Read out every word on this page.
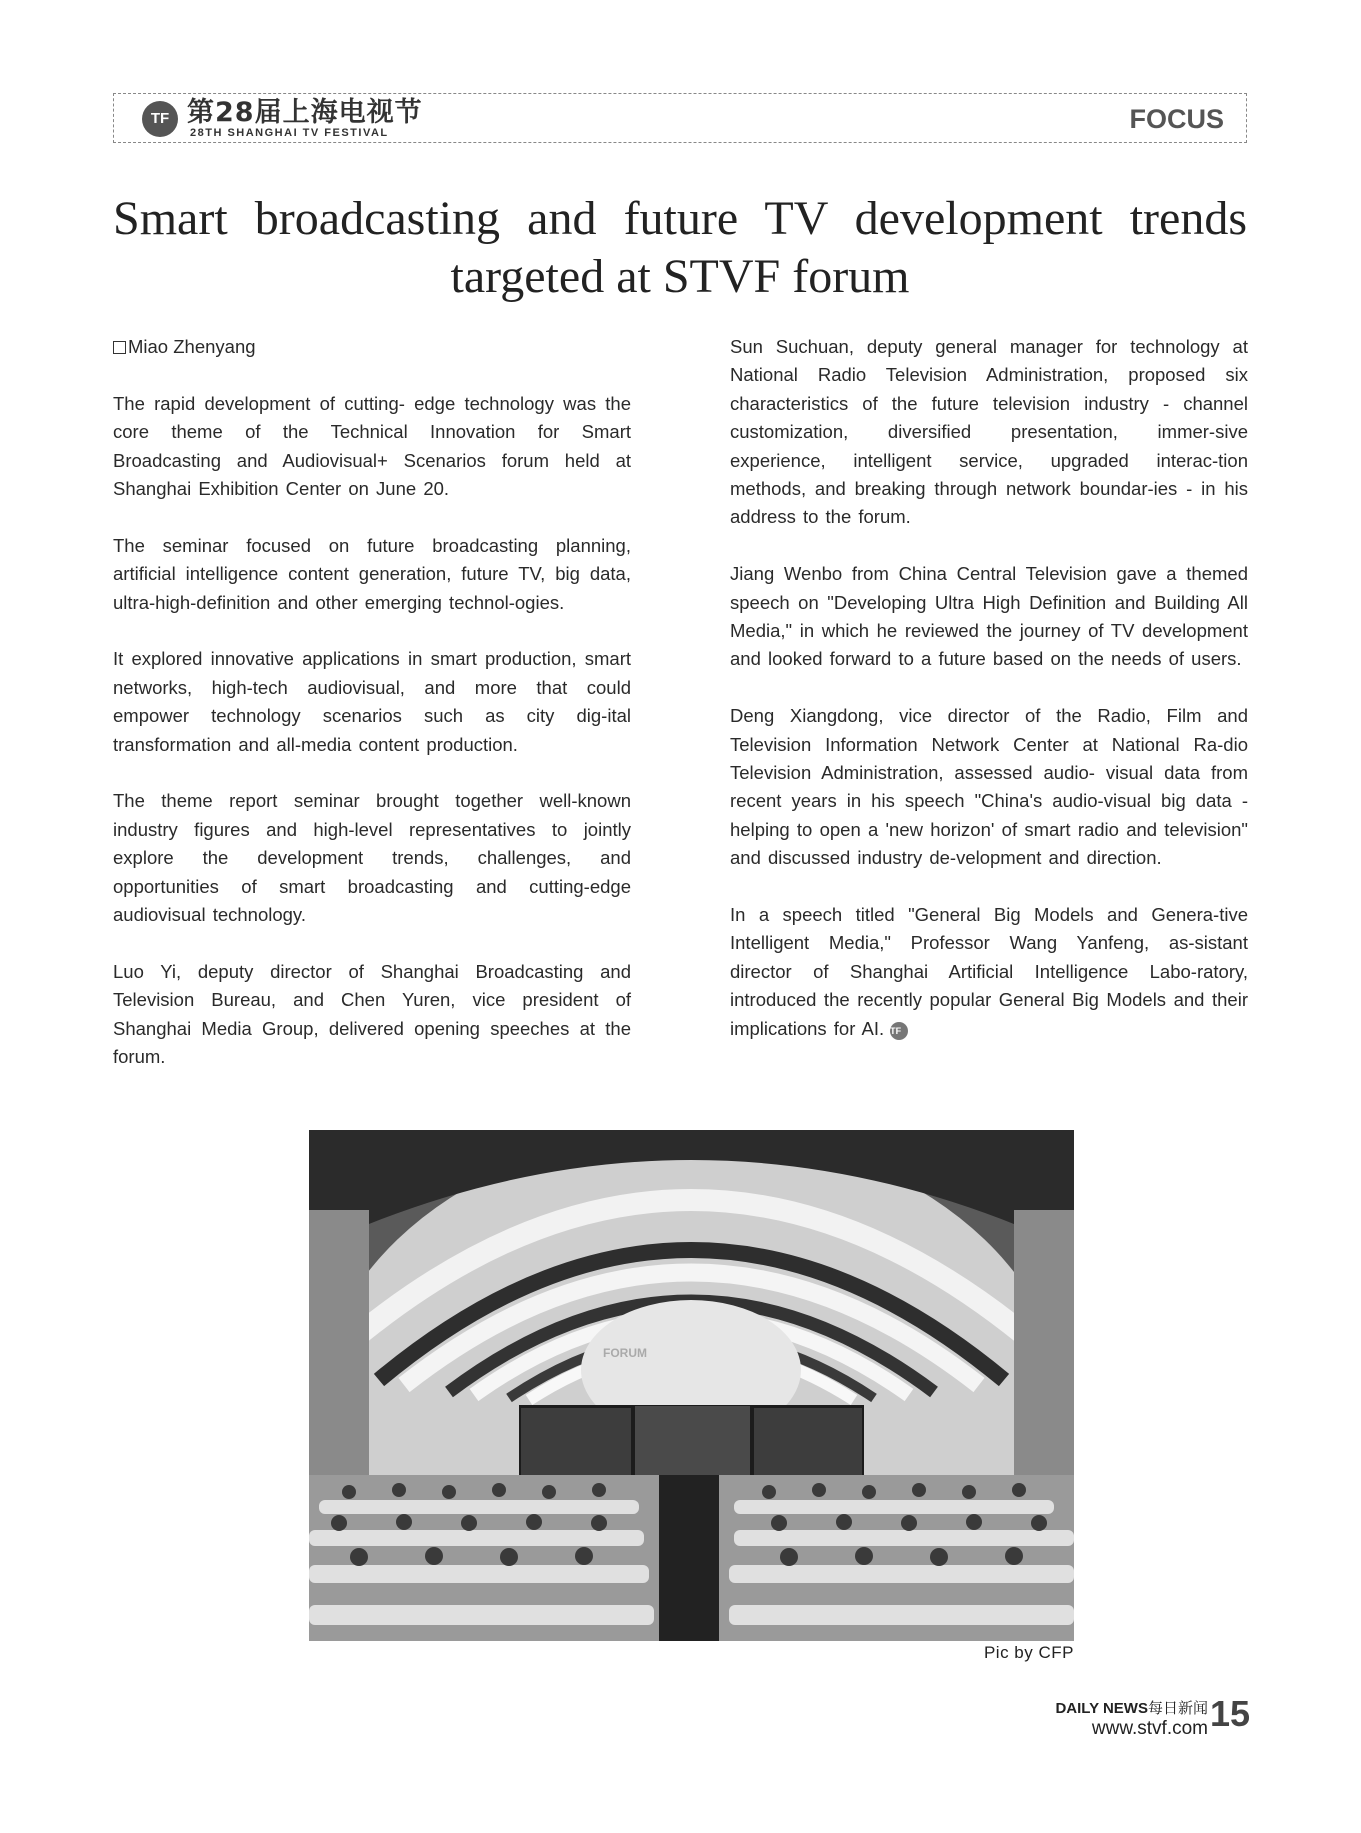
TF 第28届上海电视节
28TH SHANGHAI TV FESTIVAL	FOCUS
Smart broadcasting and future TV development trends
targeted at STVF forum
Miao Zhenyang

The rapid development of cutting- edge technology was the core theme of the Technical Innovation for Smart Broadcasting and Audiovisual+ Scenarios forum held at Shanghai Exhibition Center on June 20.

The seminar focused on future broadcasting planning, artificial intelligence content generation, future TV, big data, ultra-high-definition and other emerging technol-ogies.

It explored innovative applications in smart production, smart networks, high-tech audiovisual, and more that could empower technology scenarios such as city dig-ital transformation and all-media content production.

The theme report seminar brought together well-known industry figures and high-level representatives to jointly explore the development trends, challenges, and opportunities of smart broadcasting and cutting-edge audiovisual technology.

Luo Yi, deputy director of Shanghai Broadcasting and Television Bureau, and Chen Yuren, vice president of Shanghai Media Group, delivered opening speeches at the forum.

Sun Suchuan, deputy general manager for technology at National Radio Television Administration, proposed six characteristics of the future television industry - channel customization, diversified presentation, immer-sive experience, intelligent service, upgraded interac-tion methods, and breaking through network boundar-ies - in his address to the forum.

Jiang Wenbo from China Central Television gave a themed speech on "Developing Ultra High Definition and Building All Media," in which he reviewed the journey of TV development and looked forward to a future based on the needs of users.

Deng Xiangdong, vice director of the Radio, Film and Television Information Network Center at National Ra-dio Television Administration, assessed audio- visual data from recent years in his speech "China's audio-visual big data - helping to open a 'new horizon' of smart radio and television" and discussed industry de-velopment and direction.

In a speech titled "General Big Models and Genera-tive Intelligent Media," Professor Wang Yanfeng, as-sistant director of Shanghai Artificial Intelligence Labo-ratory, introduced the recently popular General Big Models and their implications for AI. TF

FORUM
Pic by CFP
DAILY NEWS每日新闻
www.stvf.com 15
